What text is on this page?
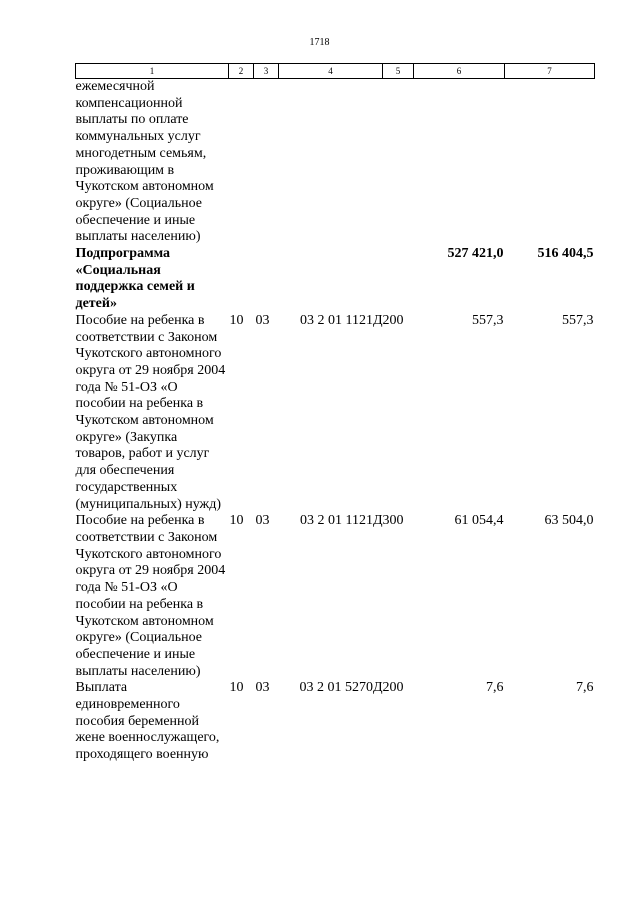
1718
1	2	3	4	5	6	7
ежемесячной компенсационной выплаты по оплате коммунальных услуг многодетным семьям, проживающим в Чукотском автономном округе» (Социальное обеспечение и иные выплаты населению)						
Подпрограмма «Социальная поддержка семей и детей»					527 421,0	516 404,5
Пособие на ребенка в соответствии с Законом Чукотского автономного округа от 29 ноября 2004 года № 51-ОЗ «О пособии на ребенка в Чукотском автономном округе» (Закупка товаров, работ и услуг для обеспечения государственных (муниципальных) нужд)	10	03	03 2 01 1121Д	200	557,3	557,3
Пособие на ребенка в соответствии с Законом Чукотского автономного округа от 29 ноября 2004 года № 51-ОЗ «О пособии на ребенка в Чукотском автономном округе» (Социальное обеспечение и иные выплаты населению)	10	03	03 2 01 1121Д	300	61 054,4	63 504,0
Выплата единовременного пособия беременной жене военнослужащего, проходящего военную	10	03	03 2 01 5270Д	200	7,6	7,6
